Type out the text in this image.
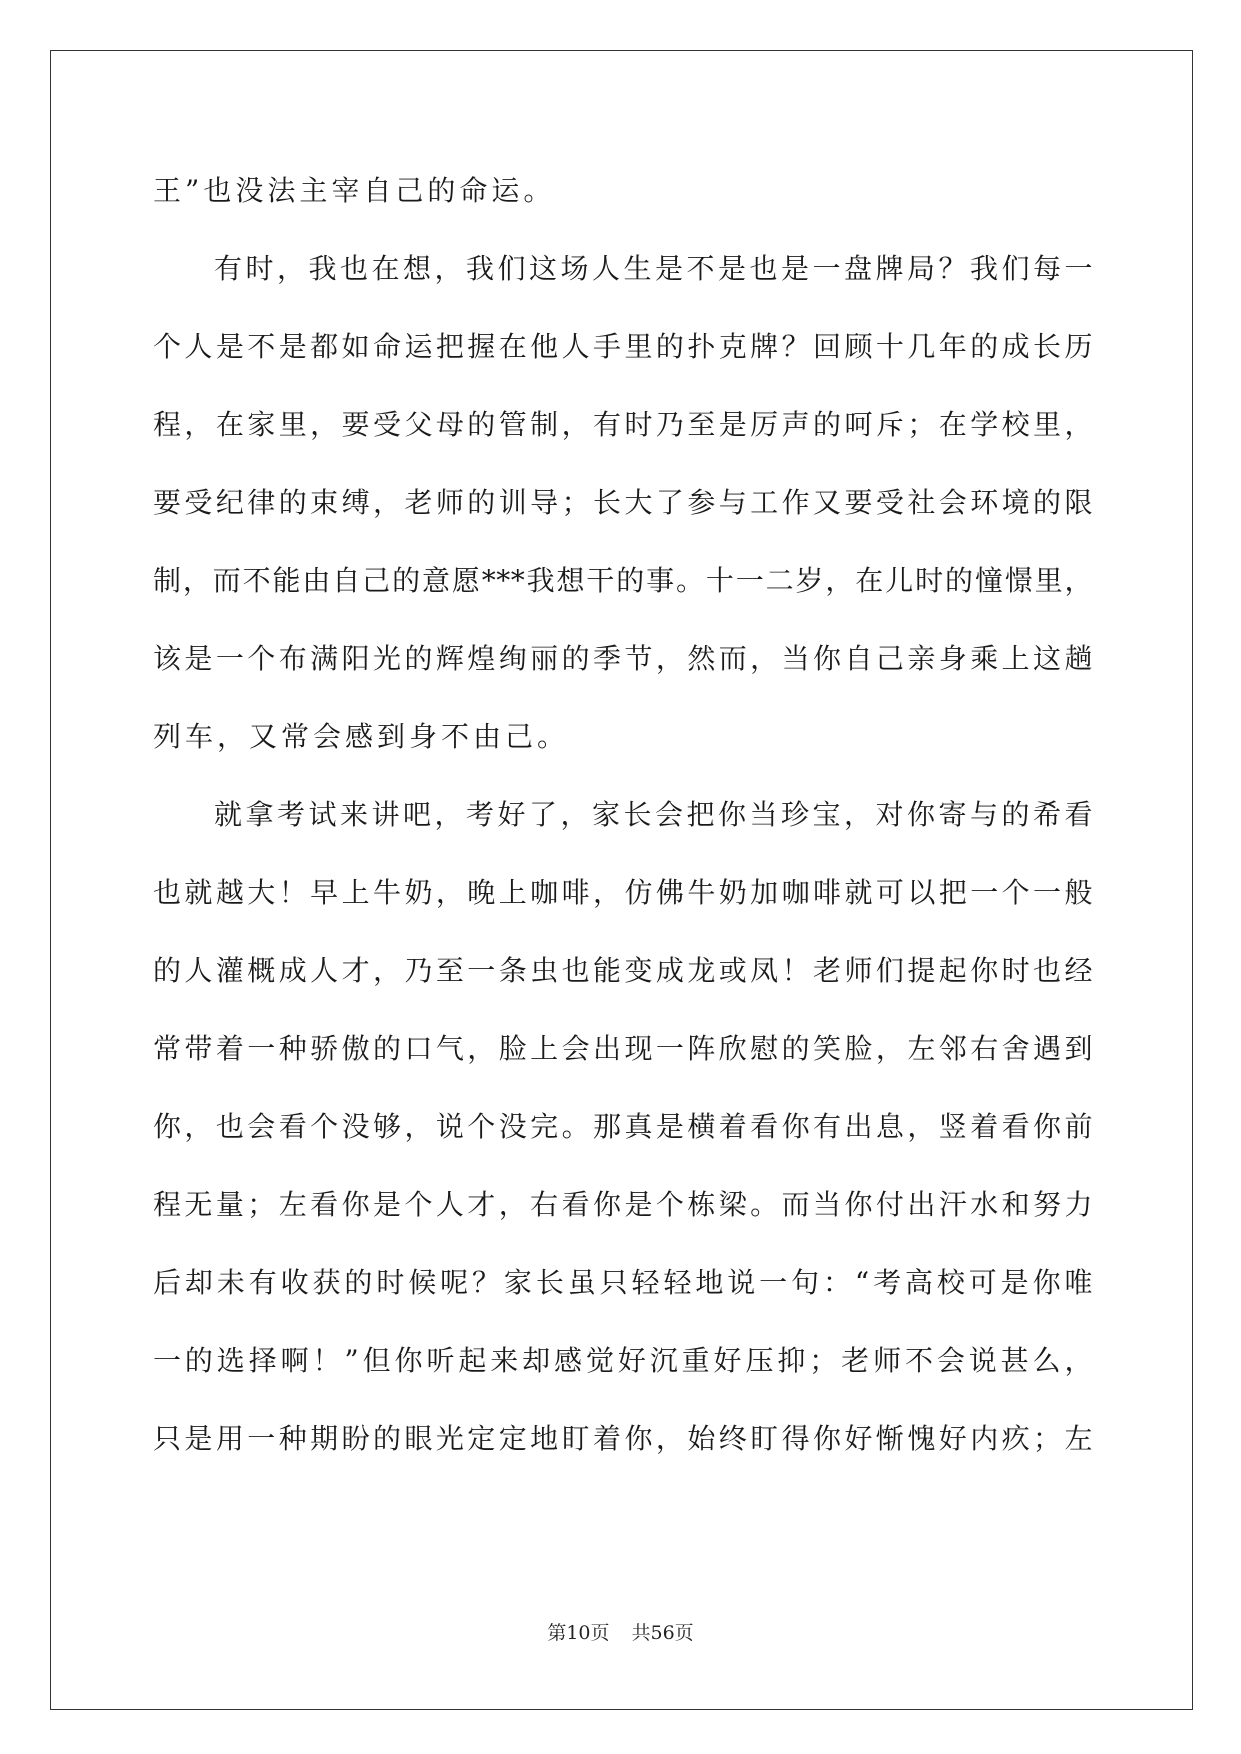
王”也没法主宰自己的命运。
有时，我也在想，我们这场人生是不是也是一盘牌局？我们每一
个人是不是都如命运把握在他人手里的扑克牌？回顾十几年的成长历
程，在家里，要受父母的管制，有时乃至是厉声的呵斥；在学校里，
要受纪律的束缚，老师的训导；长大了参与工作又要受社会环境的限
制，而不能由自己的意愿***我想干的事。十一二岁，在儿时的憧憬里，
该是一个布满阳光的辉煌绚丽的季节，然而，当你自己亲身乘上这趟
列车，又常会感到身不由己。
就拿考试来讲吧，考好了，家长会把你当珍宝，对你寄与的希看
也就越大！早上牛奶，晚上咖啡，仿佛牛奶加咖啡就可以把一个一般
的人灌概成人才，乃至一条虫也能变成龙或凤！老师们提起你时也经
常带着一种骄傲的口气，脸上会出现一阵欣慰的笑脸，左邻右舍遇到
你，也会看个没够，说个没完。那真是横着看你有出息，竖着看你前
程无量；左看你是个人才，右看你是个栋梁。而当你付出汗水和努力
后却未有收获的时候呢？家长虽只轻轻地说一句：“考高校可是你唯
一的选择啊！”但你听起来却感觉好沉重好压抑；老师不会说甚么，
只是用一种期盼的眼光定定地盯着你，始终盯得你好惭愧好内疚；左
第10页 共56页
